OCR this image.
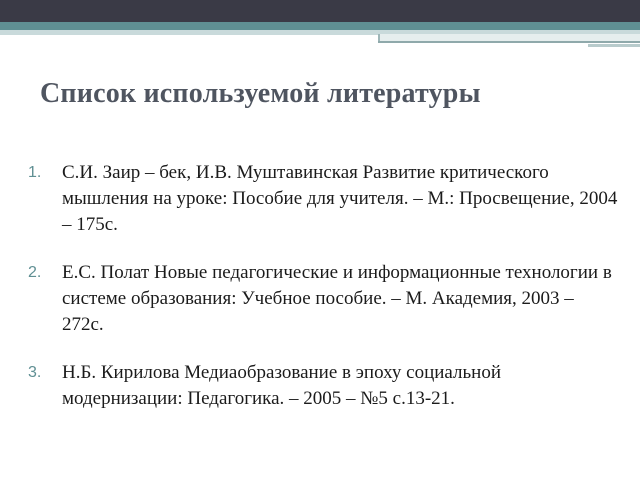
Список используемой литературы
1.	С.И. Заир – бек, И.В. Муштавинская Развитие критического мышления на уроке: Пособие для учителя. – М.: Просвещение, 2004 – 175с.
2.	Е.С. Полат Новые педагогические и информационные технологии в системе образования: Учебное пособие. – М. Академия, 2003 – 272с.
3.	Н.Б. Кирилова Медиаобразование в эпоху социальной модернизации: Педагогика. – 2005 – №5 с.13-21.
